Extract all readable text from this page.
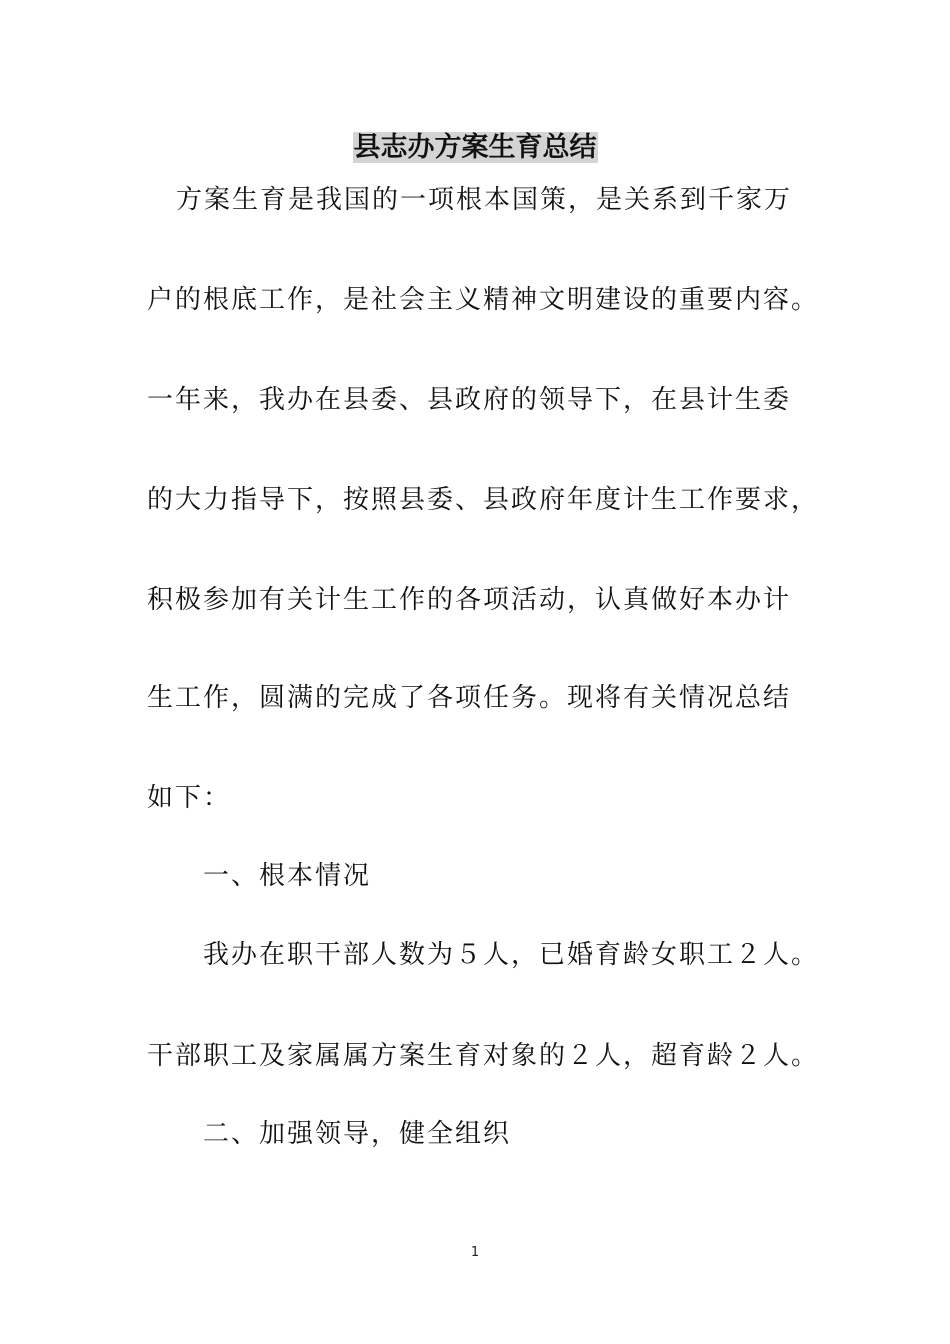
县志办方案生育总结

方案生育是我国的一项根本国策，是关系到千家万

户的根底工作，是社会主义精神文明建设的重要内容。

一年来，我办在县委、县政府的领导下，在县计生委

的大力指导下，按照县委、县政府年度计生工作要求，

积极参加有关计生工作的各项活动，认真做好本办计

生工作，圆满的完成了各项任务。现将有关情况总结

如下：

一、根本情况

我办在职干部人数为５人，已婚育龄女职工２人。

干部职工及家属属方案生育对象的２人，超育龄２人。

二、加强领导，健全组织

1
